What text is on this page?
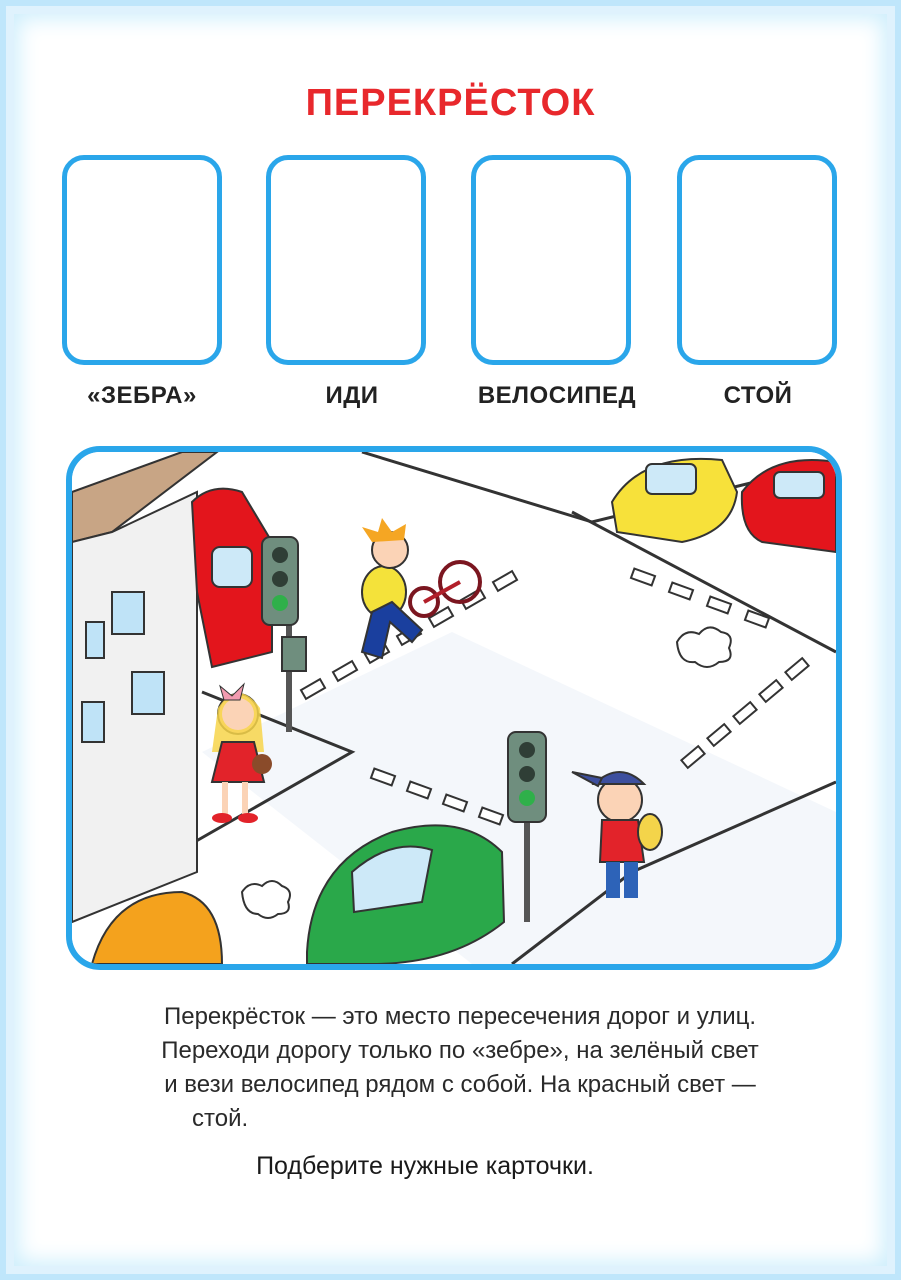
ПЕРЕКРЁСТОК
«ЗЕБРА»	ИДИ	ВЕЛОСИПЕД	СТОЙ
Перекрёсток — это место пересечения дорог и улиц.
Переходи дорогу только по «зебре», на зелёный свет
и вези велосипед рядом с собой. На красный свет —
стой.
Подберите нужные карточки.
